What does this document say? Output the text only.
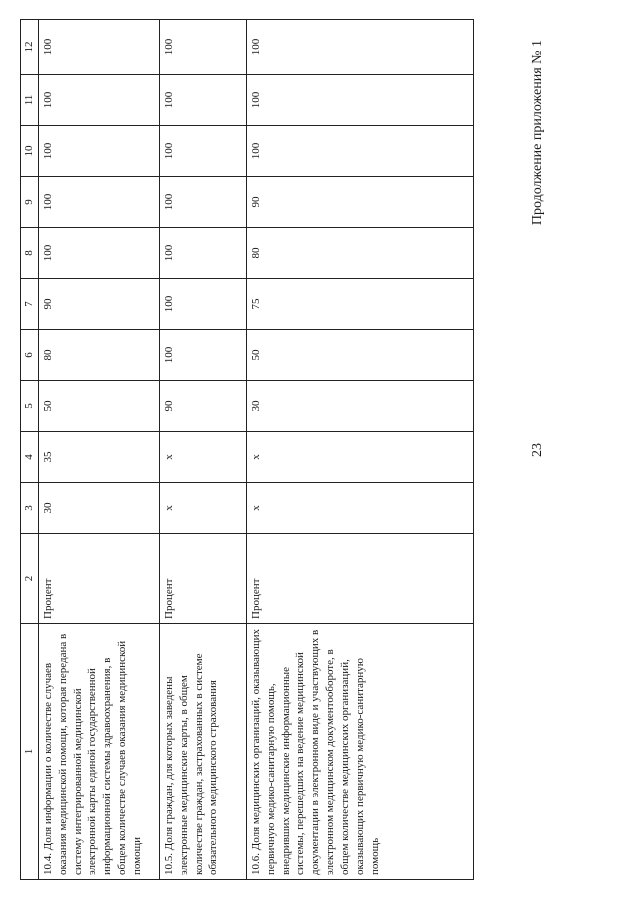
1	2	3	4	5	6	7	8	9	10	11	12
10.4. Доля информации о количестве случаев оказания медицинской помощи, которая передана в систему интегрированной медицинской электронной карты единой государственной информационной системы здравоохранения, в общем количестве случаев оказания медицинской помощи	Процент	30	35	50	80	90	100	100	100	100	100
10.5. Доля граждан, для которых заведены электронные медицинские карты, в общем количестве граждан, застрахованных в системе обязательного медицинского страхования	Процент	x	x	90	100	100	100	100	100	100	100
10.6. Доля медицинских организаций, оказывающих первичную медико-санитарную помощь, внедривших медицинские информационные системы, перешедших на ведение медицинской документации в электронном виде и участвующих в электронном медицинском документообороте, в общем количестве медицинских организаций, оказывающих первичную медико-санитарную помощь	Процент	x	x	30	50	75	80	90	100	100	100
23
Продолжение приложения № 1
